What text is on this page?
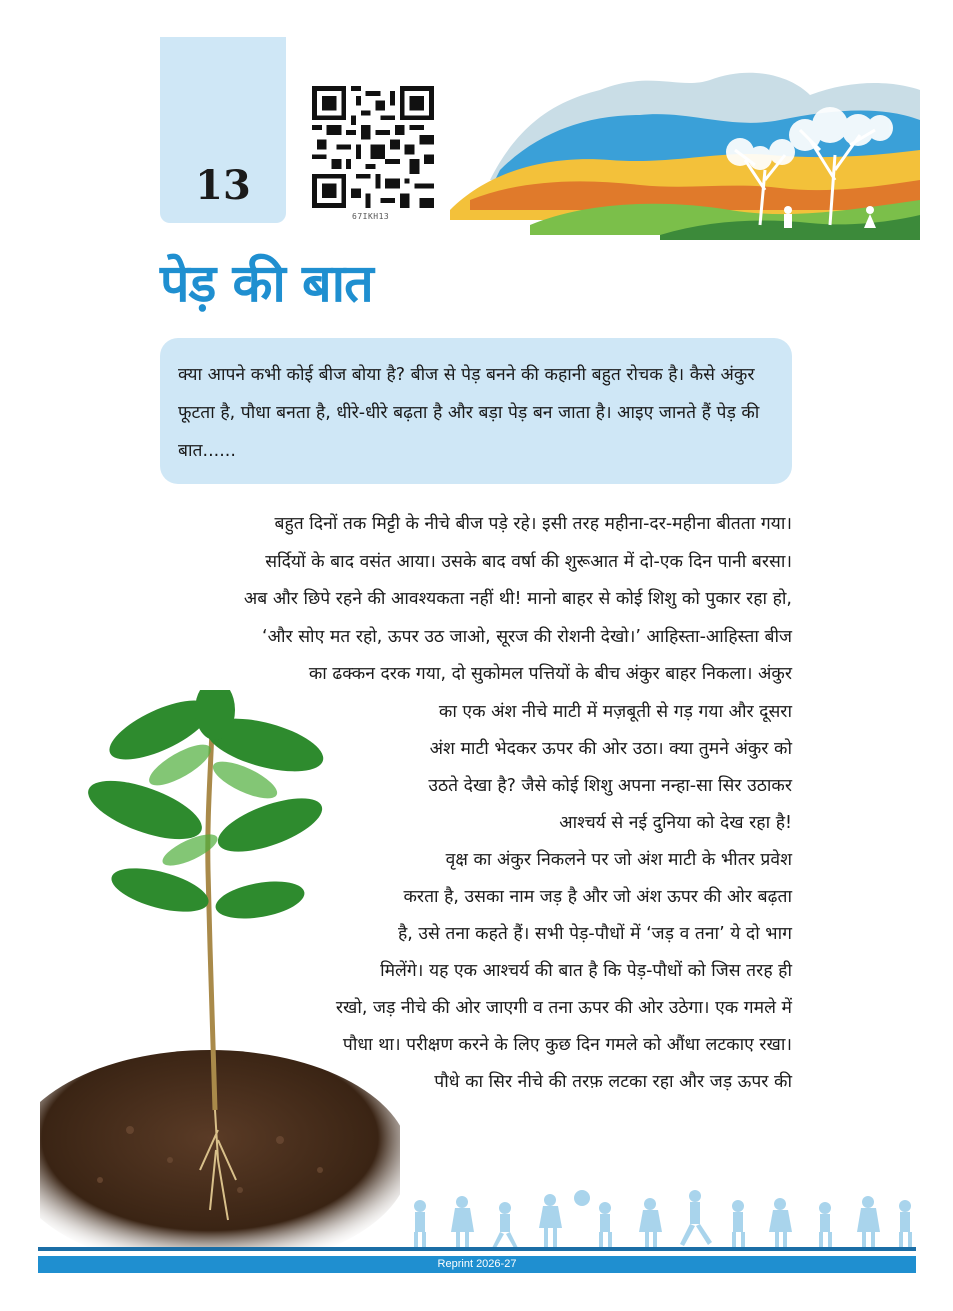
13
67IKH13
पेड़ की बात

क्या आपने कभी कोई बीज बोया है? बीज से पेड़ बनने की कहानी बहुत रोचक है। कैसे अंकुर फूटता है, पौधा बनता है, धीरे-धीरे बढ़ता है और बड़ा पेड़ बन जाता है। आइए जानते हैं पेड़ की बात......

बहुत दिनों तक मिट्टी के नीचे बीज पड़े रहे। इसी तरह महीना-दर-महीना बीतता गया।
सर्दियों के बाद वसंत आया। उसके बाद वर्षा की शुरूआत में दो-एक दिन पानी बरसा।
अब और छिपे रहने की आवश्यकता नहीं थी! मानो बाहर से कोई शिशु को पुकार रहा हो,
‘और सोए मत रहो, ऊपर उठ जाओ, सूरज की रोशनी देखो।’ आहिस्ता-आहिस्ता बीज
का ढक्कन दरक गया, दो सुकोमल पत्तियों के बीच अंकुर बाहर निकला। अंकुर
का एक अंश नीचे माटी में मज़बूती से गड़ गया और दूसरा
अंश माटी भेदकर ऊपर की ओर उठा। क्या तुमने अंकुर को
उठते देखा है? जैसे कोई शिशु अपना नन्हा-सा सिर उठाकर
आश्चर्य से नई दुनिया को देख रहा है!
वृक्ष का अंकुर निकलने पर जो अंश माटी के भीतर प्रवेश
करता है, उसका नाम जड़ है और जो अंश ऊपर की ओर बढ़ता
है, उसे तना कहते हैं। सभी पेड़-पौधों में ‘जड़ व तना’ ये दो भाग
मिलेंगे। यह एक आश्चर्य की बात है कि पेड़-पौधों को जिस तरह ही
रखो, जड़ नीचे की ओर जाएगी व तना ऊपर की ओर उठेगा। एक गमले में
पौधा था। परीक्षण करने के लिए कुछ दिन गमले को औंधा लटकाए रखा।
पौधे का सिर नीचे की तरफ़ लटका रहा और जड़ ऊपर की
Reprint 2026-27
